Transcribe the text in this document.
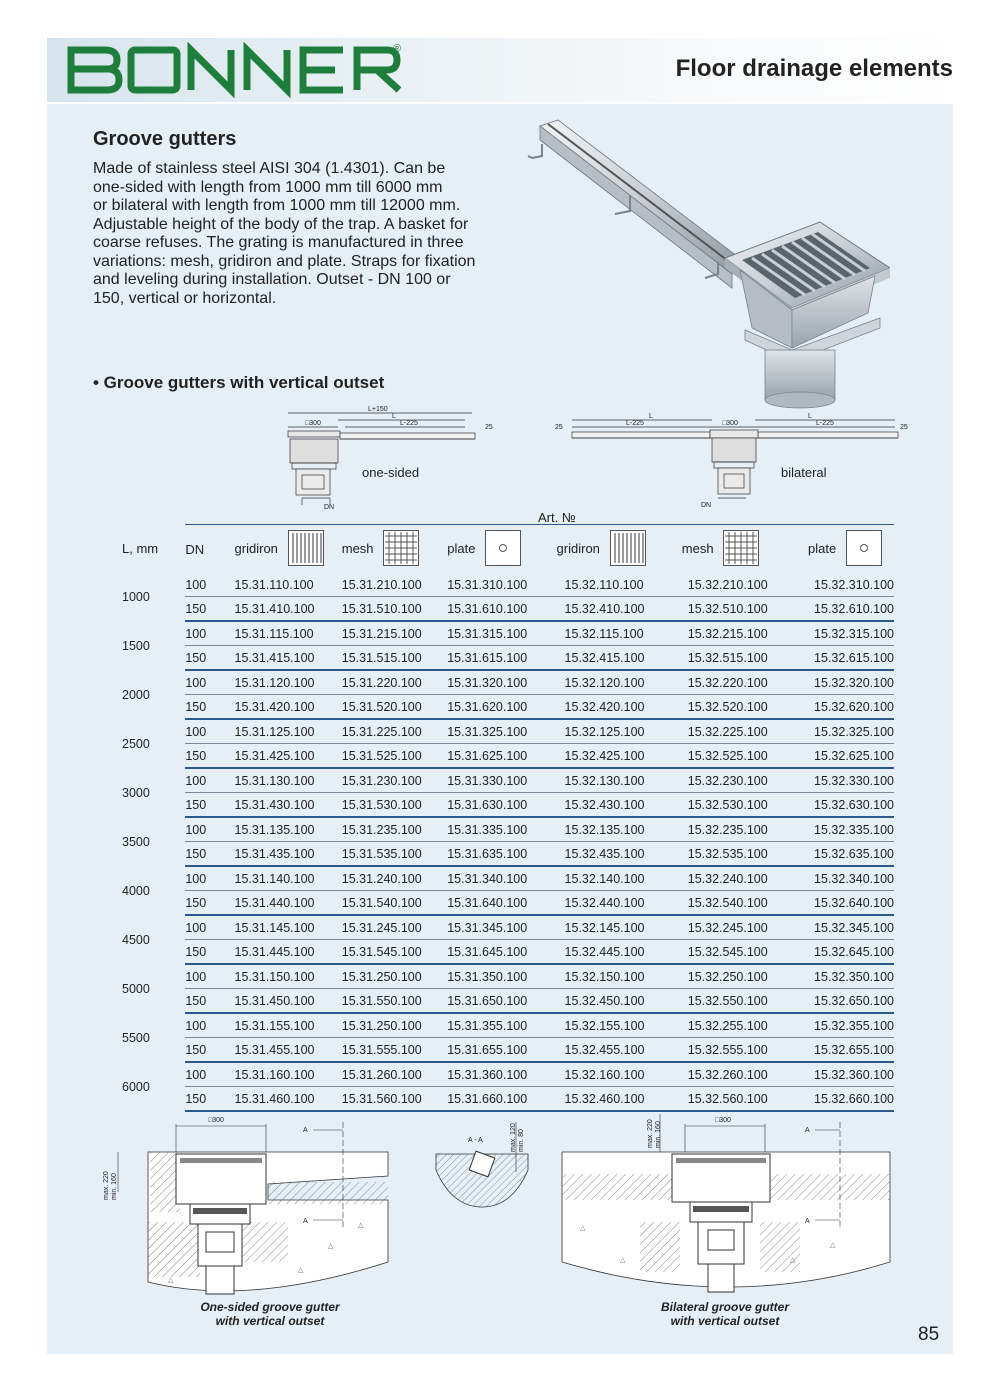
®
Floor drainage elements
Groove gutters
Made of stainless steel AISI 304 (1.4301). Can be
one-sided with length from 1000 mm till 6000 mm
or bilateral with length from 1000 mm till 12000 mm.
Adjustable height of the body of the trap. A basket for
coarse refuses. The grating is manufactured in three
variations: mesh, gridiron and plate. Straps for fixation
and leveling during installation. Outset - DN 100 or
150, vertical or horizontal.
• Groove gutters with vertical outset
L+150
L
□300	L-225
25
DN
one-sided
L	L
25
L-225	□300	L-225
25
DN
bilateral
Art. №
L, mm	DN	gridiron	mesh	plate	gridiron	mesh	plate
1000	100	15.31.110.100	15.31.210.100	15.31.310.100	15.32.110.100	15.32.210.100	15.32.310.100
	150	15.31.410.100	15.31.510.100	15.31.610.100	15.32.410.100	15.32.510.100	15.32.610.100
1500	100	15.31.115.100	15.31.215.100	15.31.315.100	15.32.115.100	15.32.215.100	15.32.315.100
	150	15.31.415.100	15.31.515.100	15.31.615.100	15.32.415.100	15.32.515.100	15.32.615.100
2000	100	15.31.120.100	15.31.220.100	15.31.320.100	15.32.120.100	15.32.220.100	15.32.320.100
	150	15.31.420.100	15.31.520.100	15.31.620.100	15.32.420.100	15.32.520.100	15.32.620.100
2500	100	15.31.125.100	15.31.225.100	15.31.325.100	15.32.125.100	15.32.225.100	15.32.325.100
	150	15.31.425.100	15.31.525.100	15.31.625.100	15.32.425.100	15.32.525.100	15.32.625.100
3000	100	15.31.130.100	15.31.230.100	15.31.330.100	15.32.130.100	15.32.230.100	15.32.330.100
	150	15.31.430.100	15.31.530.100	15.31.630.100	15.32.430.100	15.32.530.100	15.32.630.100
3500	100	15.31.135.100	15.31.235.100	15.31.335.100	15.32.135.100	15.32.235.100	15.32.335.100
	150	15.31.435.100	15.31.535.100	15.31.635.100	15.32.435.100	15.32.535.100	15.32.635.100
4000	100	15.31.140.100	15.31.240.100	15.31.340.100	15.32.140.100	15.32.240.100	15.32.340.100
	150	15.31.440.100	15.31.540.100	15.31.640.100	15.32.440.100	15.32.540.100	15.32.640.100
4500	100	15.31.145.100	15.31.245.100	15.31.345.100	15.32.145.100	15.32.245.100	15.32.345.100
	150	15.31.445.100	15.31.545.100	15.31.645.100	15.32.445.100	15.32.545.100	15.32.645.100
5000	100	15.31.150.100	15.31.250.100	15.31.350.100	15.32.150.100	15.32.250.100	15.32.350.100
	150	15.31.450.100	15.31.550.100	15.31.650.100	15.32.450.100	15.32.550.100	15.32.650.100
5500	100	15.31.155.100	15.31.250.100	15.31.355.100	15.32.155.100	15.32.255.100	15.32.355.100
	150	15.31.455.100	15.31.555.100	15.31.655.100	15.32.455.100	15.32.555.100	15.32.655.100
6000	100	15.31.160.100	15.31.260.100	15.31.360.100	15.32.160.100	15.32.260.100	15.32.360.100
	150	15.31.460.100	15.31.560.100	15.31.660.100	15.32.460.100	15.32.560.100	15.32.660.100
△
△
△
△
□300
A
A
max. 220 min. 160
A - A	max. 120 min. 80
△
△	△
△
□300
A
A
max. 220 min. 160
One-sided groove gutter
with vertical outset
Bilateral groove gutter
with vertical outset
85
